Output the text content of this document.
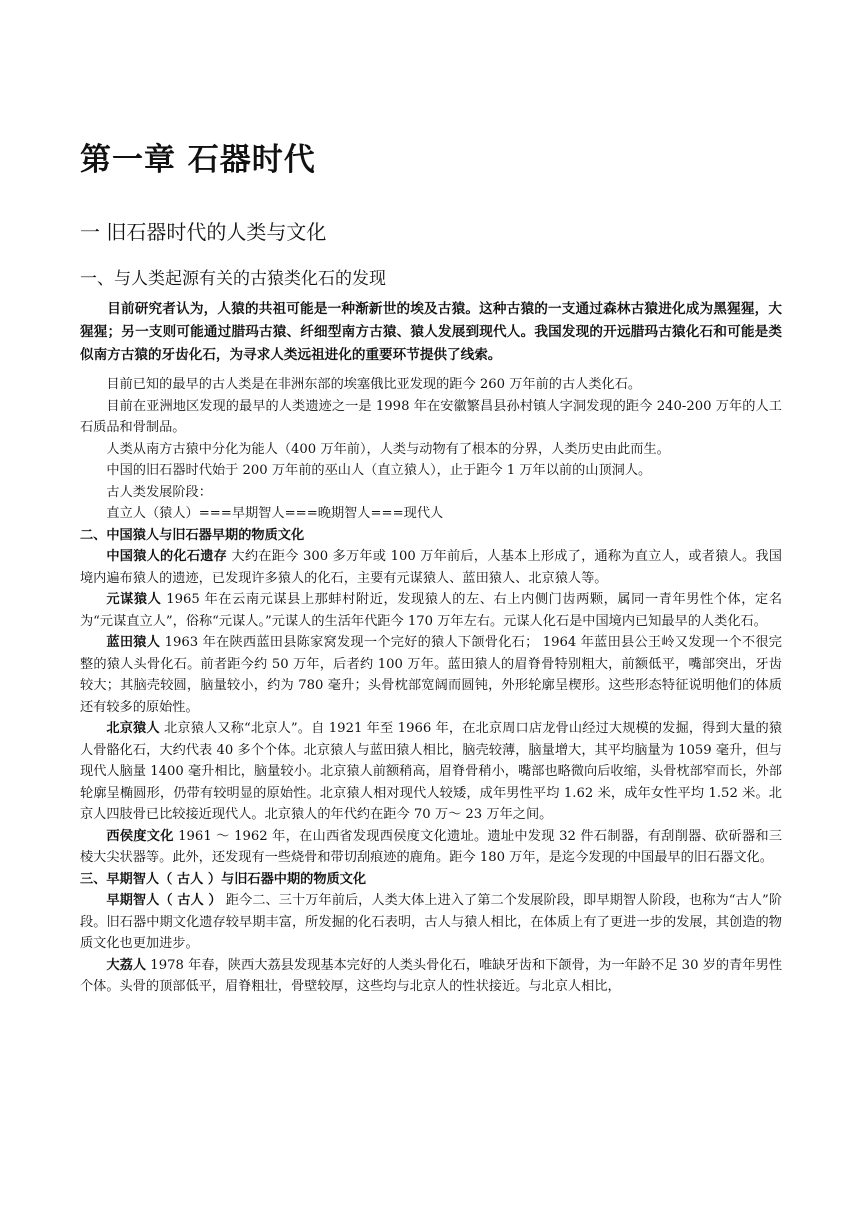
第一章 石器时代
一 旧石器时代的人类与文化
一、与人类起源有关的古猿类化石的发现

目前研究者认为，人猿的共祖可能是一种渐新世的埃及古猿。这种古猿的一支通过森林古猿进化成为黑猩猩，大猩猩；另一支则可能通过腊玛古猿、纤细型南方古猿、猿人发展到现代人。我国发现的开远腊玛古猿化石和可能是类似南方古猿的牙齿化石，为寻求人类远祖进化的重要环节提供了线索。

目前已知的最早的古人类是在非洲东部的埃塞俄比亚发现的距今 260 万年前的古人类化石。

目前在亚洲地区发现的最早的人类遗迹之一是 1998 年在安徽繁昌县孙村镇人字洞发现的距今 240-200 万年的人工石质品和骨制品。

人类从南方古猿中分化为能人（400 万年前），人类与动物有了根本的分界，人类历史由此而生。

中国的旧石器时代始于 200 万年前的巫山人（直立猿人），止于距今 1 万年以前的山顶洞人。

古人类发展阶段：

直立人（猿人）===早期智人===晚期智人===现代人

二、中国猿人与旧石器早期的物质文化

中国猿人的化石遗存 大约在距今 300 多万年或 100 万年前后，人基本上形成了，通称为直立人，或者猿人。我国境内遍布猿人的遗迹，已发现许多猿人的化石，主要有元谋猿人、蓝田猿人、北京猿人等。

元谋猿人 1965 年在云南元谋县上那蚌村附近，发现猿人的左、右上内侧门齿两颗，属同一青年男性个体，定名为“元谋直立人”，俗称“元谋人。”元谋人的生活年代距今 170 万年左右。元谋人化石是中国境内已知最早的人类化石。

蓝田猿人 1963 年在陕西蓝田县陈家窝发现一个完好的猿人下颌骨化石； 1964 年蓝田县公王岭又发现一个不很完整的猿人头骨化石。前者距今约 50 万年，后者约 100 万年。蓝田猿人的眉脊骨特别粗大，前额低平，嘴部突出，牙齿较大；其脑壳较圆，脑量较小，约为 780 毫升；头骨枕部宽阔而圆钝，外形轮廓呈楔形。这些形态特征说明他们的体质还有较多的原始性。

北京猿人 北京猿人又称“北京人”。自 1921 年至 1966 年，在北京周口店龙骨山经过大规模的发掘，得到大量的猿人骨骼化石，大约代表 40 多个个体。北京猿人与蓝田猿人相比，脑壳较薄，脑量增大，其平均脑量为 1059 毫升，但与现代人脑量 1400 毫升相比，脑量较小。北京猿人前额稍高，眉脊骨稍小，嘴部也略微向后收缩，头骨枕部窄而长，外部轮廓呈椭圆形，仍带有较明显的原始性。北京猿人相对现代人较矮，成年男性平均 1.62 米，成年女性平均 1.52 米。北京人四肢骨已比较接近现代人。北京猿人的年代约在距今 70 万～ 23 万年之间。

西侯度文化 1961 ～ 1962 年，在山西省发现西侯度文化遗址。遗址中发现 32 件石制器，有刮削器、砍斫器和三棱大尖状器等。此外，还发现有一些烧骨和带切刮痕迹的鹿角。距今 180 万年，是迄今发现的中国最早的旧石器文化。

三、早期智人（ 古人 ）与旧石器中期的物质文化

早期智人（ 古人 ） 距今二、三十万年前后，人类大体上进入了第二个发展阶段，即早期智人阶段，也称为“古人”阶段。旧石器中期文化遗存较早期丰富，所发掘的化石表明，古人与猿人相比，在体质上有了更进一步的发展，其创造的物质文化也更加进步。

大荔人 1978 年春，陕西大荔县发现基本完好的人类头骨化石，唯缺牙齿和下颌骨，为一年龄不足 30 岁的青年男性个体。头骨的顶部低平，眉脊粗壮，骨壁较厚，这些均与北京人的性状接近。与北京人相比，
